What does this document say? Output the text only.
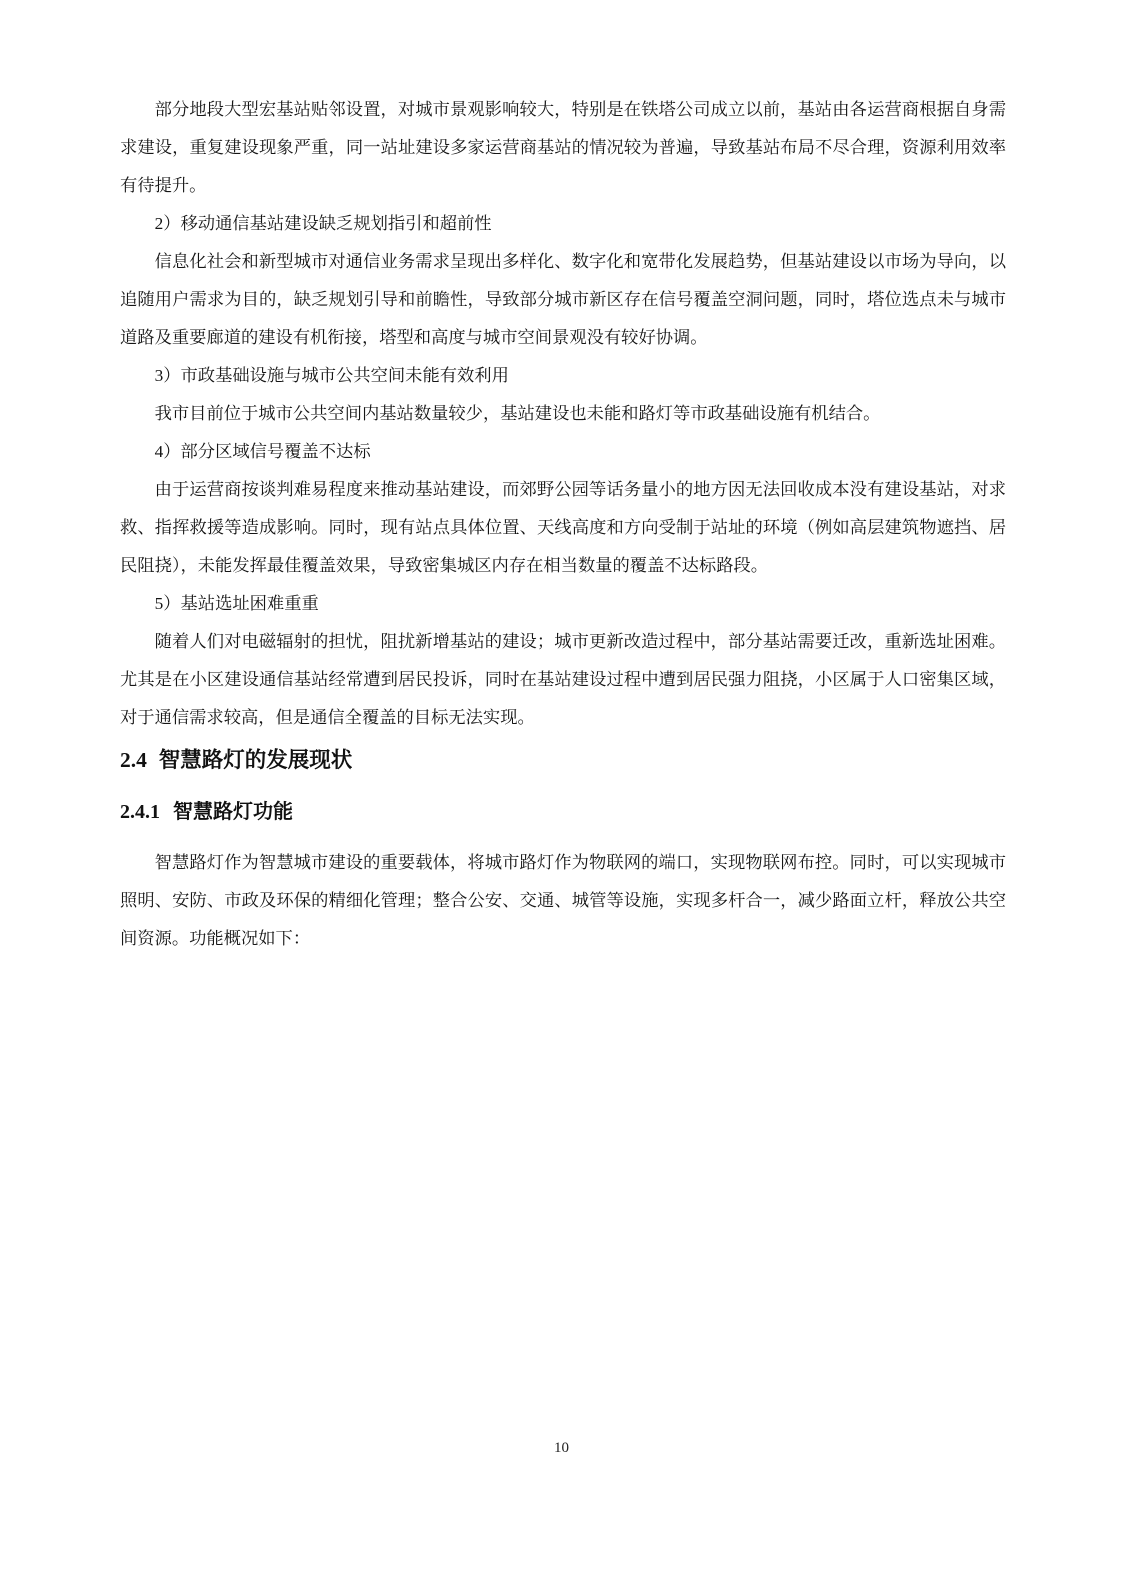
部分地段大型宏基站贴邻设置，对城市景观影响较大，特别是在铁塔公司成立以前，基站由各运营商根据自身需求建设，重复建设现象严重，同一站址建设多家运营商基站的情况较为普遍，导致基站布局不尽合理，资源利用效率有待提升。

2）移动通信基站建设缺乏规划指引和超前性

信息化社会和新型城市对通信业务需求呈现出多样化、数字化和宽带化发展趋势，但基站建设以市场为导向，以追随用户需求为目的，缺乏规划引导和前瞻性，导致部分城市新区存在信号覆盖空洞问题，同时，塔位选点未与城市道路及重要廊道的建设有机衔接，塔型和高度与城市空间景观没有较好协调。

3）市政基础设施与城市公共空间未能有效利用

我市目前位于城市公共空间内基站数量较少，基站建设也未能和路灯等市政基础设施有机结合。

4）部分区域信号覆盖不达标

由于运营商按谈判难易程度来推动基站建设，而郊野公园等话务量小的地方因无法回收成本没有建设基站，对求救、指挥救援等造成影响。同时，现有站点具体位置、天线高度和方向受制于站址的环境（例如高层建筑物遮挡、居民阻挠），未能发挥最佳覆盖效果，导致密集城区内存在相当数量的覆盖不达标路段。

5）基站选址困难重重

随着人们对电磁辐射的担忧，阻扰新增基站的建设；城市更新改造过程中，部分基站需要迁改，重新选址困难。尤其是在小区建设通信基站经常遭到居民投诉，同时在基站建设过程中遭到居民强力阻挠，小区属于人口密集区域，对于通信需求较高，但是通信全覆盖的目标无法实现。

2.4 智慧路灯的发展现状
2.4.1 智慧路灯功能

智慧路灯作为智慧城市建设的重要载体，将城市路灯作为物联网的端口，实现物联网布控。同时，可以实现城市照明、安防、市政及环保的精细化管理；整合公安、交通、城管等设施，实现多杆合一，减少路面立杆，释放公共空间资源。功能概况如下：

10
